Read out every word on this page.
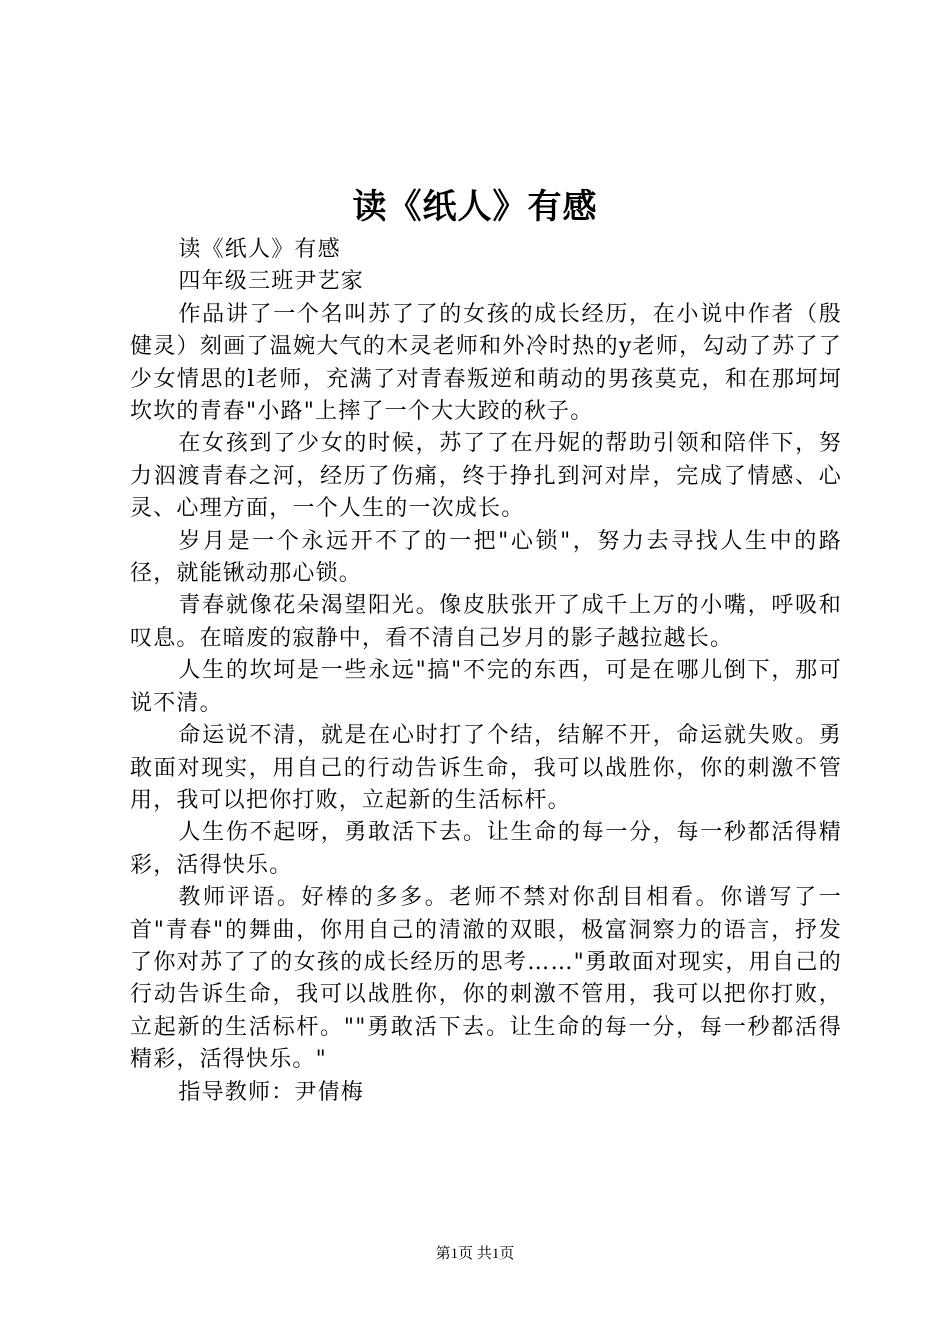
读《纸人》有感

读《纸人》有感

四年级三班尹艺家

作品讲了一个名叫苏了了的女孩的成长经历，在小说中作者（殷健灵）刻画了温婉大气的木灵老师和外冷时热的y老师，勾动了苏了了少女情思的l老师，充满了对青春叛逆和萌动的男孩莫克，和在那坷坷坎坎的青春"小路"上摔了一个大大跤的秋子。

在女孩到了少女的时候，苏了了在丹妮的帮助引领和陪伴下，努力泅渡青春之河，经历了伤痛，终于挣扎到河对岸，完成了情感、心灵、心理方面，一个人生的一次成长。

岁月是一个永远开不了的一把"心锁"，努力去寻找人生中的路径，就能锹动那心锁。

青春就像花朵渴望阳光。像皮肤张开了成千上万的小嘴，呼吸和叹息。在暗废的寂静中，看不清自己岁月的影子越拉越长。

人生的坎坷是一些永远"搞"不完的东西，可是在哪儿倒下，那可说不清。

命运说不清，就是在心时打了个结，结解不开，命运就失败。勇敢面对现实，用自己的行动告诉生命，我可以战胜你，你的刺激不管用，我可以把你打败，立起新的生活标杆。

人生伤不起呀，勇敢活下去。让生命的每一分，每一秒都活得精彩，活得快乐。

教师评语。好棒的多多。老师不禁对你刮目相看。你谱写了一首"青春"的舞曲，你用自己的清澈的双眼，极富洞察力的语言，抒发了你对苏了了的女孩的成长经历的思考……"勇敢面对现实，用自己的行动告诉生命，我可以战胜你，你的刺激不管用，我可以把你打败，立起新的生活标杆。""勇敢活下去。让生命的每一分，每一秒都活得精彩，活得快乐。"

指导教师：尹倩梅

第1页 共1页
